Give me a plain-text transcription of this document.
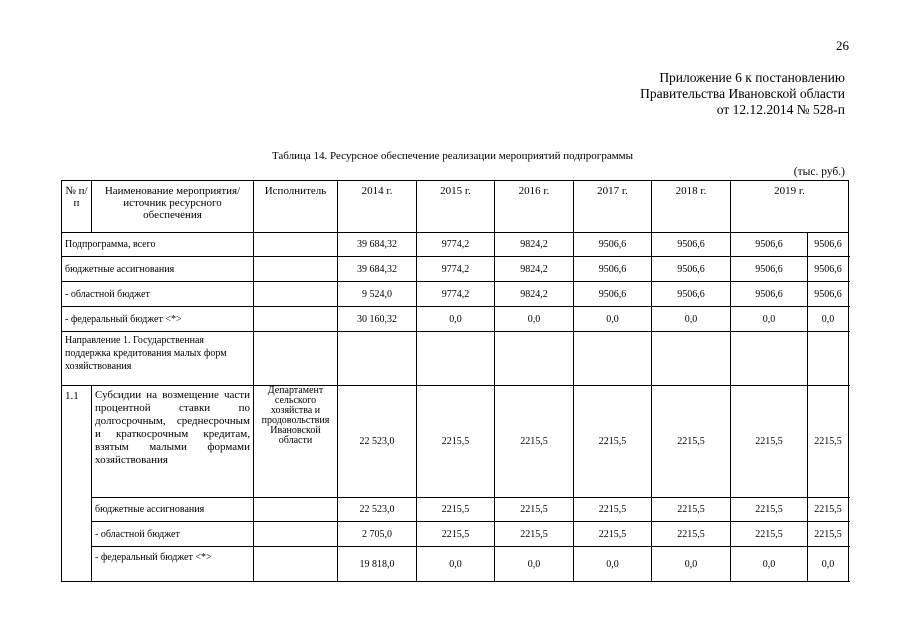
26
Приложение 6 к постановлению
Правительства Ивановской области
от 12.12.2014 № 528-п
Таблица 14. Ресурсное обеспечение реализации мероприятий подпрограммы
(тыс. руб.)
№ п/п	Наименование мероприятия/источник ресурсного обеспечения	Исполнитель	2014 г.	2015 г.	2016 г.	2017 г.	2018 г.	2019 г.	
Подпрограмма, всего			39 684,32	9774,2	9824,2	9506,6	9506,6	9506,6	9506,6
бюджетные ассигнования			39 684,32	9774,2	9824,2	9506,6	9506,6	9506,6	9506,6
- областной бюджет			9 524,0	9774,2	9824,2	9506,6	9506,6	9506,6	9506,6
- федеральный бюджет <*>			30 160,32	0,0	0,0	0,0	0,0	0,0	0,0
Направление 1. Государственная поддержка кредитования малых форм хозяйствования									
1.1	Субсидии на возмещение части процентной ставки по долгосрочным, среднесрочным и краткосрочным кредитам, взятым малыми формами хозяйствования	Департамент сельского хозяйства и продовольствия Ивановской области	22 523,0	2215,5	2215,5	2215,5	2215,5	2215,5	2215,5
	бюджетные ассигнования		22 523,0	2215,5	2215,5	2215,5	2215,5	2215,5	2215,5
	- областной бюджет		2 705,0	2215,5	2215,5	2215,5	2215,5	2215,5	2215,5
	- федеральный бюджет <*>		19 818,0	0,0	0,0	0,0	0,0	0,0	0,0
